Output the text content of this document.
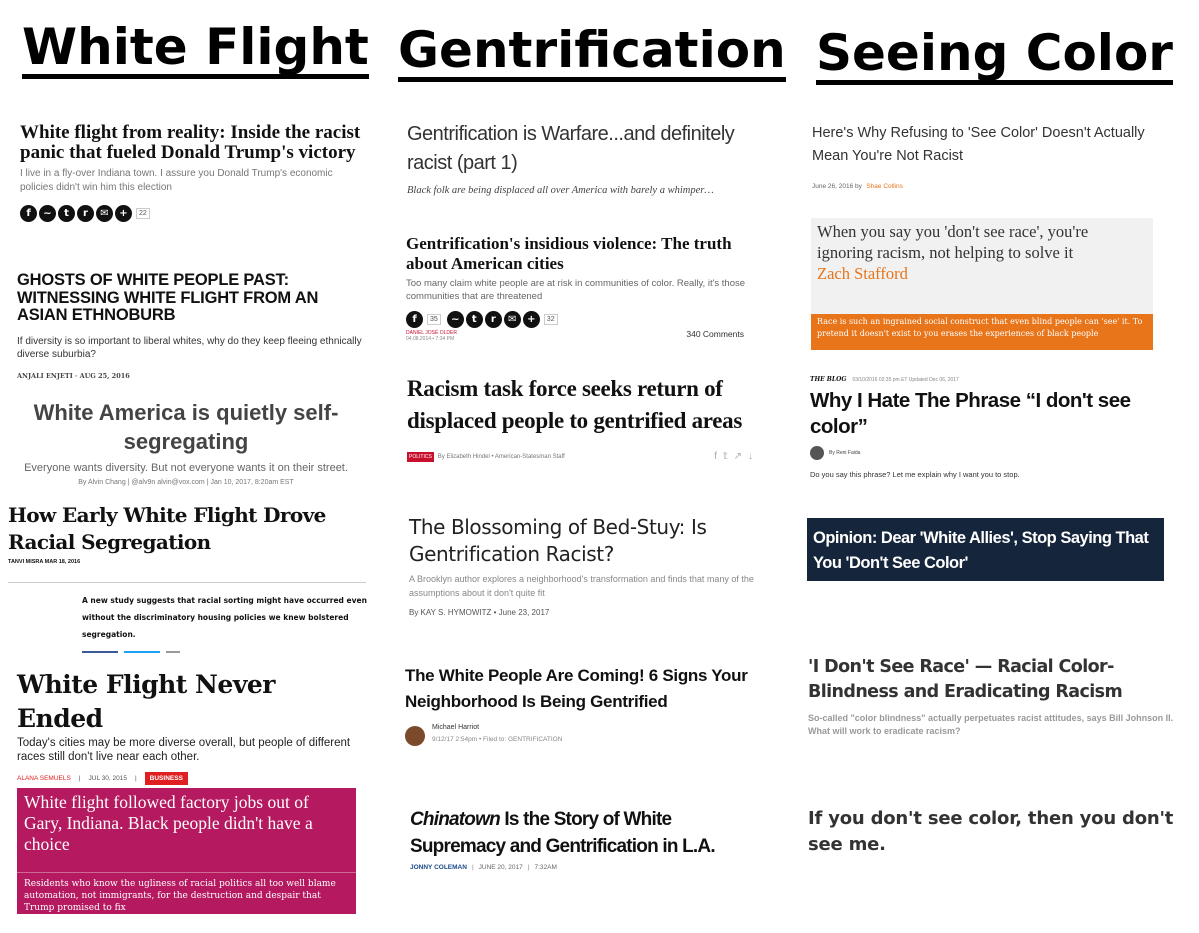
White Flight Gentrification Seeing Color
White flight from reality: Inside the racist panic that fueled Donald Trump's victory
I live in a fly-over Indiana town. I assure you Donald Trump's economic policies didn't win him this election
f	~	t	r	✉	+	22
GHOSTS OF WHITE PEOPLE PAST: WITNESSING WHITE FLIGHT FROM AN ASIAN ETHNOBURB
If diversity is so important to liberal whites, why do they keep fleeing ethnically diverse suburbia?
ANJALI ENJETI · AUG 25, 2016
White America is quietly self-segregating
Everyone wants diversity. But not everyone wants it on their street.
By Alvin Chang | @alv9n alvin@vox.com | Jan 10, 2017, 8:20am EST
How Early White Flight Drove Racial Segregation
TANVI MISRA MAR 18, 2016
A new study suggests that racial sorting might have occurred even without the discriminatory housing policies we knew bolstered segregation.
White Flight Never Ended
Today's cities may be more diverse overall, but people of different races still don't live near each other.
ALANA SEMUELS | JUL 30, 2015 |	BUSINESS
White flight followed factory jobs out of Gary, Indiana. Black people didn't have a choice
Residents who know the ugliness of racial politics all too well blame automation, not immigrants, for the destruction and despair that Trump promised to fix
Gentrification is Warfare...and definitely racist (part 1)
Black folk are being displaced all over America with barely a whimper…
Gentrification's insidious violence: The truth about American cities
Too many claim white people are at risk in communities of color. Really, it's those communities that are threatened
f	35	~	t	r	✉	+	32
DANIEL JOSÉ OLDER
04.08.2014 • 7:34 PM	340 Comments
Racism task force seeks return of displaced people to gentrified areas
POLITICS	By Elizabeth Hindel • American-Statesman Staff	f𝕥↗↓
The Blossoming of Bed-Stuy: Is Gentrification Racist?
A Brooklyn author explores a neighborhood's transformation and finds that many of the assumptions about it don't quite fit
By KAY S. HYMOWITZ • June 23, 2017
The White People Are Coming! 6 Signs Your Neighborhood Is Being Gentrified
Michael Harriot
9/12/17 2:54pm • Filed to: GENTRIFICATION
Chinatown Is the Story of White Supremacy and Gentrification in L.A.
JONNY COLEMAN | JUNE 20, 2017 | 7:32AM
Here's Why Refusing to 'See Color' Doesn't Actually Mean You're Not Racist
June 26, 2016 by Shae Collins
When you say you 'don't see race', you're ignoring racism, not helping to solve it
Zach Stafford
Race is such an ingrained social construct that even blind people can 'see' it. To pretend it doesn't exist to you erases the experiences of black people
THE BLOG 03/10/2016 02:35 pm ET Updated Dec 06, 2017
Why I Hate The Phrase “I don't see color”
By Reni Faida
Do you say this phrase? Let me explain why I want you to stop.
Opinion: Dear 'White Allies', Stop Saying That You 'Don't See Color'
'I Don't See Race' — Racial Color-Blindness and Eradicating Racism
So-called "color blindness" actually perpetuates racist attitudes, says Bill Johnson II. What will work to eradicate racism?
If you don't see color, then you don't see me.
